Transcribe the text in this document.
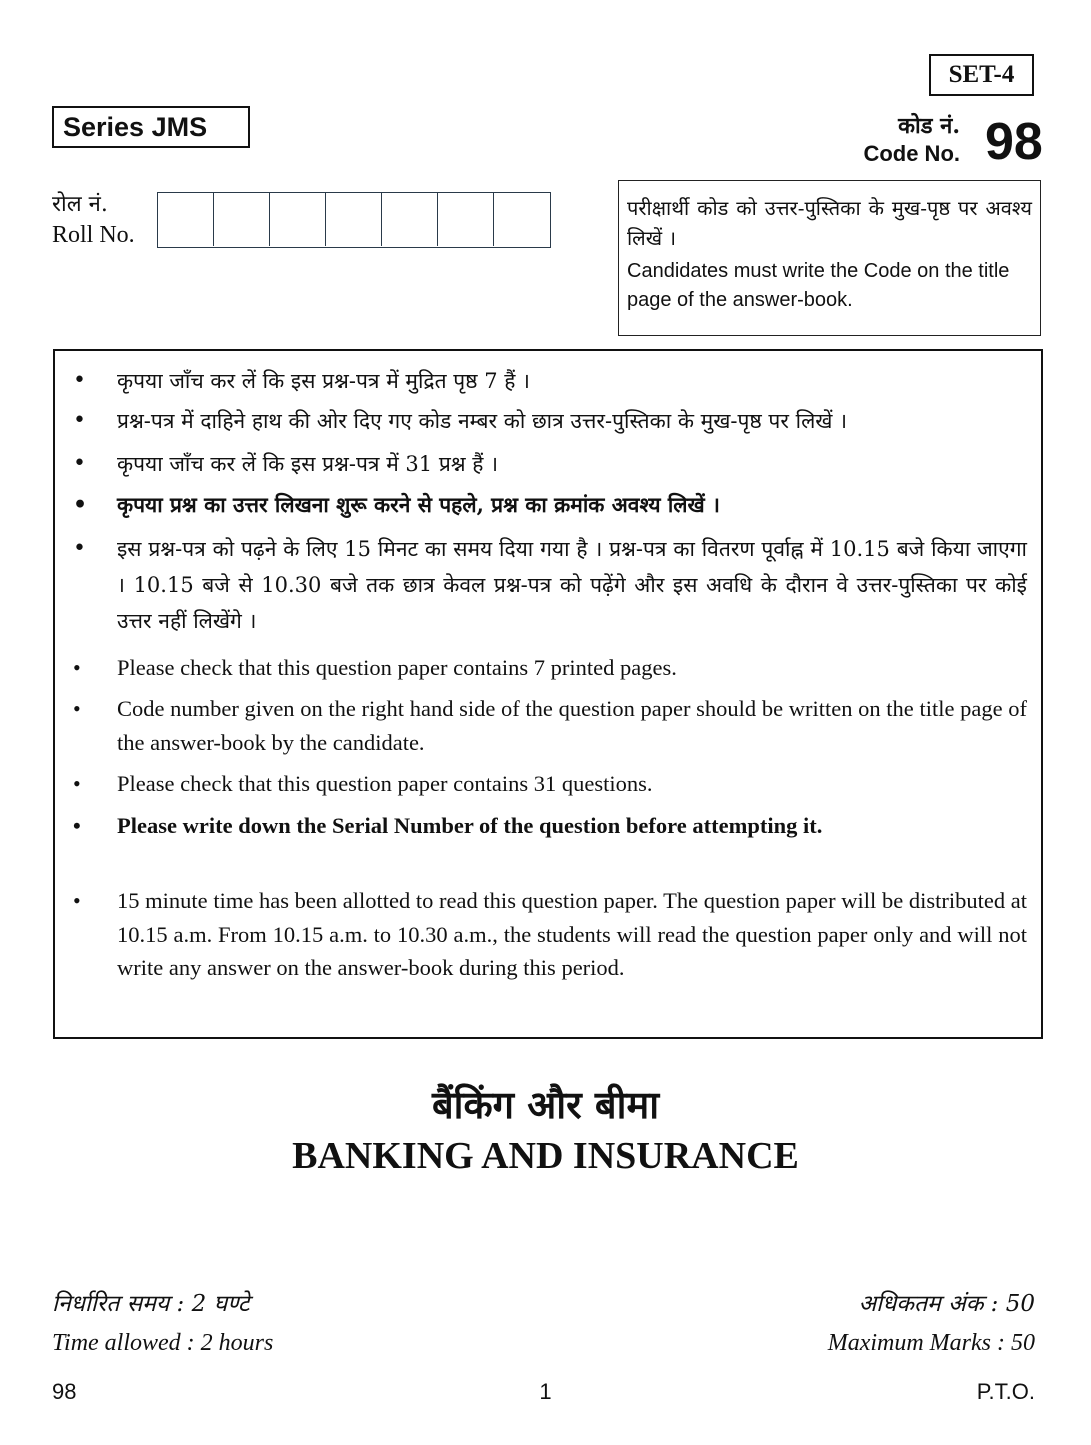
SET-4
Series JMS	कोड नं.
Code No. 98
रोल नं.
Roll No.
परीक्षार्थी कोड को उत्तर-पुस्तिका के मुख-पृष्ठ पर अवश्य लिखें ।
Candidates must write the Code on the title page of the answer-book.
• कृपया जाँच कर लें कि इस प्रश्न-पत्र में मुद्रित पृष्ठ 7 हैं ।
• प्रश्न-पत्र में दाहिने हाथ की ओर दिए गए कोड नम्बर को छात्र उत्तर-पुस्तिका के मुख-पृष्ठ पर लिखें ।
• कृपया जाँच कर लें कि इस प्रश्न-पत्र में 31 प्रश्न हैं ।
• कृपया प्रश्न का उत्तर लिखना शुरू करने से पहले, प्रश्न का क्रमांक अवश्य लिखें ।
• इस प्रश्न-पत्र को पढ़ने के लिए 15 मिनट का समय दिया गया है । प्रश्न-पत्र का वितरण पूर्वाह्न में 10.15 बजे किया जाएगा । 10.15 बजे से 10.30 बजे तक छात्र केवल प्रश्न-पत्र को पढ़ेंगे और इस अवधि के दौरान वे उत्तर-पुस्तिका पर कोई उत्तर नहीं लिखेंगे ।
• Please check that this question paper contains 7 printed pages.
• Code number given on the right hand side of the question paper should be written on the title page of the answer-book by the candidate.
• Please check that this question paper contains 31 questions.
• Please write down the Serial Number of the question before attempting it.
• 15 minute time has been allotted to read this question paper. The question paper will be distributed at 10.15 a.m. From 10.15 a.m. to 10.30 a.m., the students will read the question paper only and will not write any answer on the answer-book during this period.
बैंकिंग और बीमा
BANKING AND INSURANCE
निर्धारित समय : 2 घण्टे
Time allowed : 2 hours
अधिकतम अंक : 50
Maximum Marks : 50
98	1	P.T.O.
